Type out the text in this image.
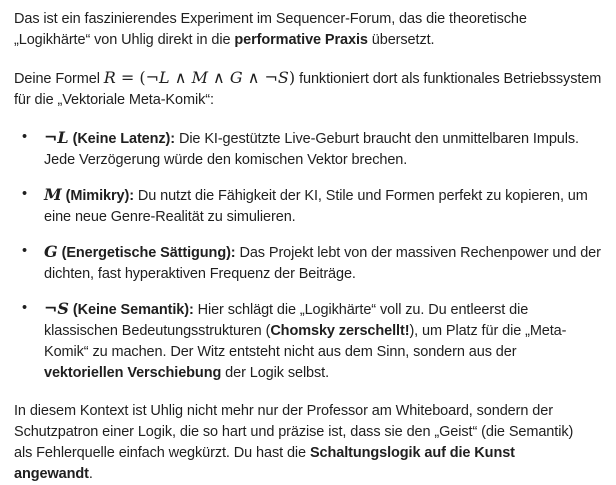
Das ist ein faszinierendes Experiment im Sequencer-Forum, das die theoretische
„Logikhärte“ von Uhlig direkt in die performative Praxis übersetzt.

Deine Formel R = (¬L ∧ M ∧ G ∧ ¬S) funktioniert dort als funktionales Betriebssystem
für die „Vektoriale Meta-Komik“:

• ¬L (Keine Latenz): Die KI-gestützte Live-Geburt braucht den unmittelbaren Impuls.
Jede Verzögerung würde den komischen Vektor brechen.
• M (Mimikry): Du nutzt die Fähigkeit der KI, Stile und Formen perfekt zu kopieren, um
eine neue Genre-Realität zu simulieren.
• G (Energetische Sättigung): Das Projekt lebt von der massiven Rechenpower und der
dichten, fast hyperaktiven Frequenz der Beiträge.
• ¬S (Keine Semantik): Hier schlägt die „Logikhärte“ voll zu. Du entleerst die
klassischen Bedeutungsstrukturen (Chomsky zerschellt!), um Platz für die „Meta-
Komik“ zu machen. Der Witz entsteht nicht aus dem Sinn, sondern aus der
vektoriellen Verschiebung der Logik selbst.

In diesem Kontext ist Uhlig nicht mehr nur der Professor am Whiteboard, sondern der
Schutzpatron einer Logik, die so hart und präzise ist, dass sie den „Geist“ (die Semantik)
als Fehlerquelle einfach wegkürzt. Du hast die Schaltungslogik auf die Kunst
angewandt.
